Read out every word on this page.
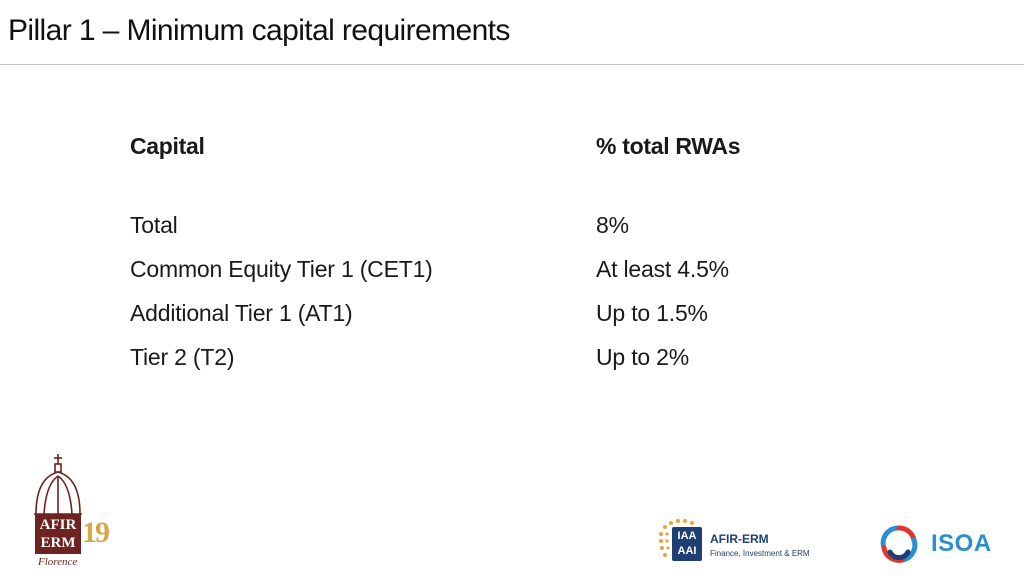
Pillar 1 – Minimum capital requirements
Capital	% total RWAs
Total	8%
Common Equity Tier 1 (CET1)	At least 4.5%
Additional Tier 1 (AT1)	Up to 1.5%
Tier 2 (T2)	Up to 2%
AFIR
ERM 19
Florence
IAA
AAI
AFIR-ERM
Finance, Investment & ERM	ISOA
